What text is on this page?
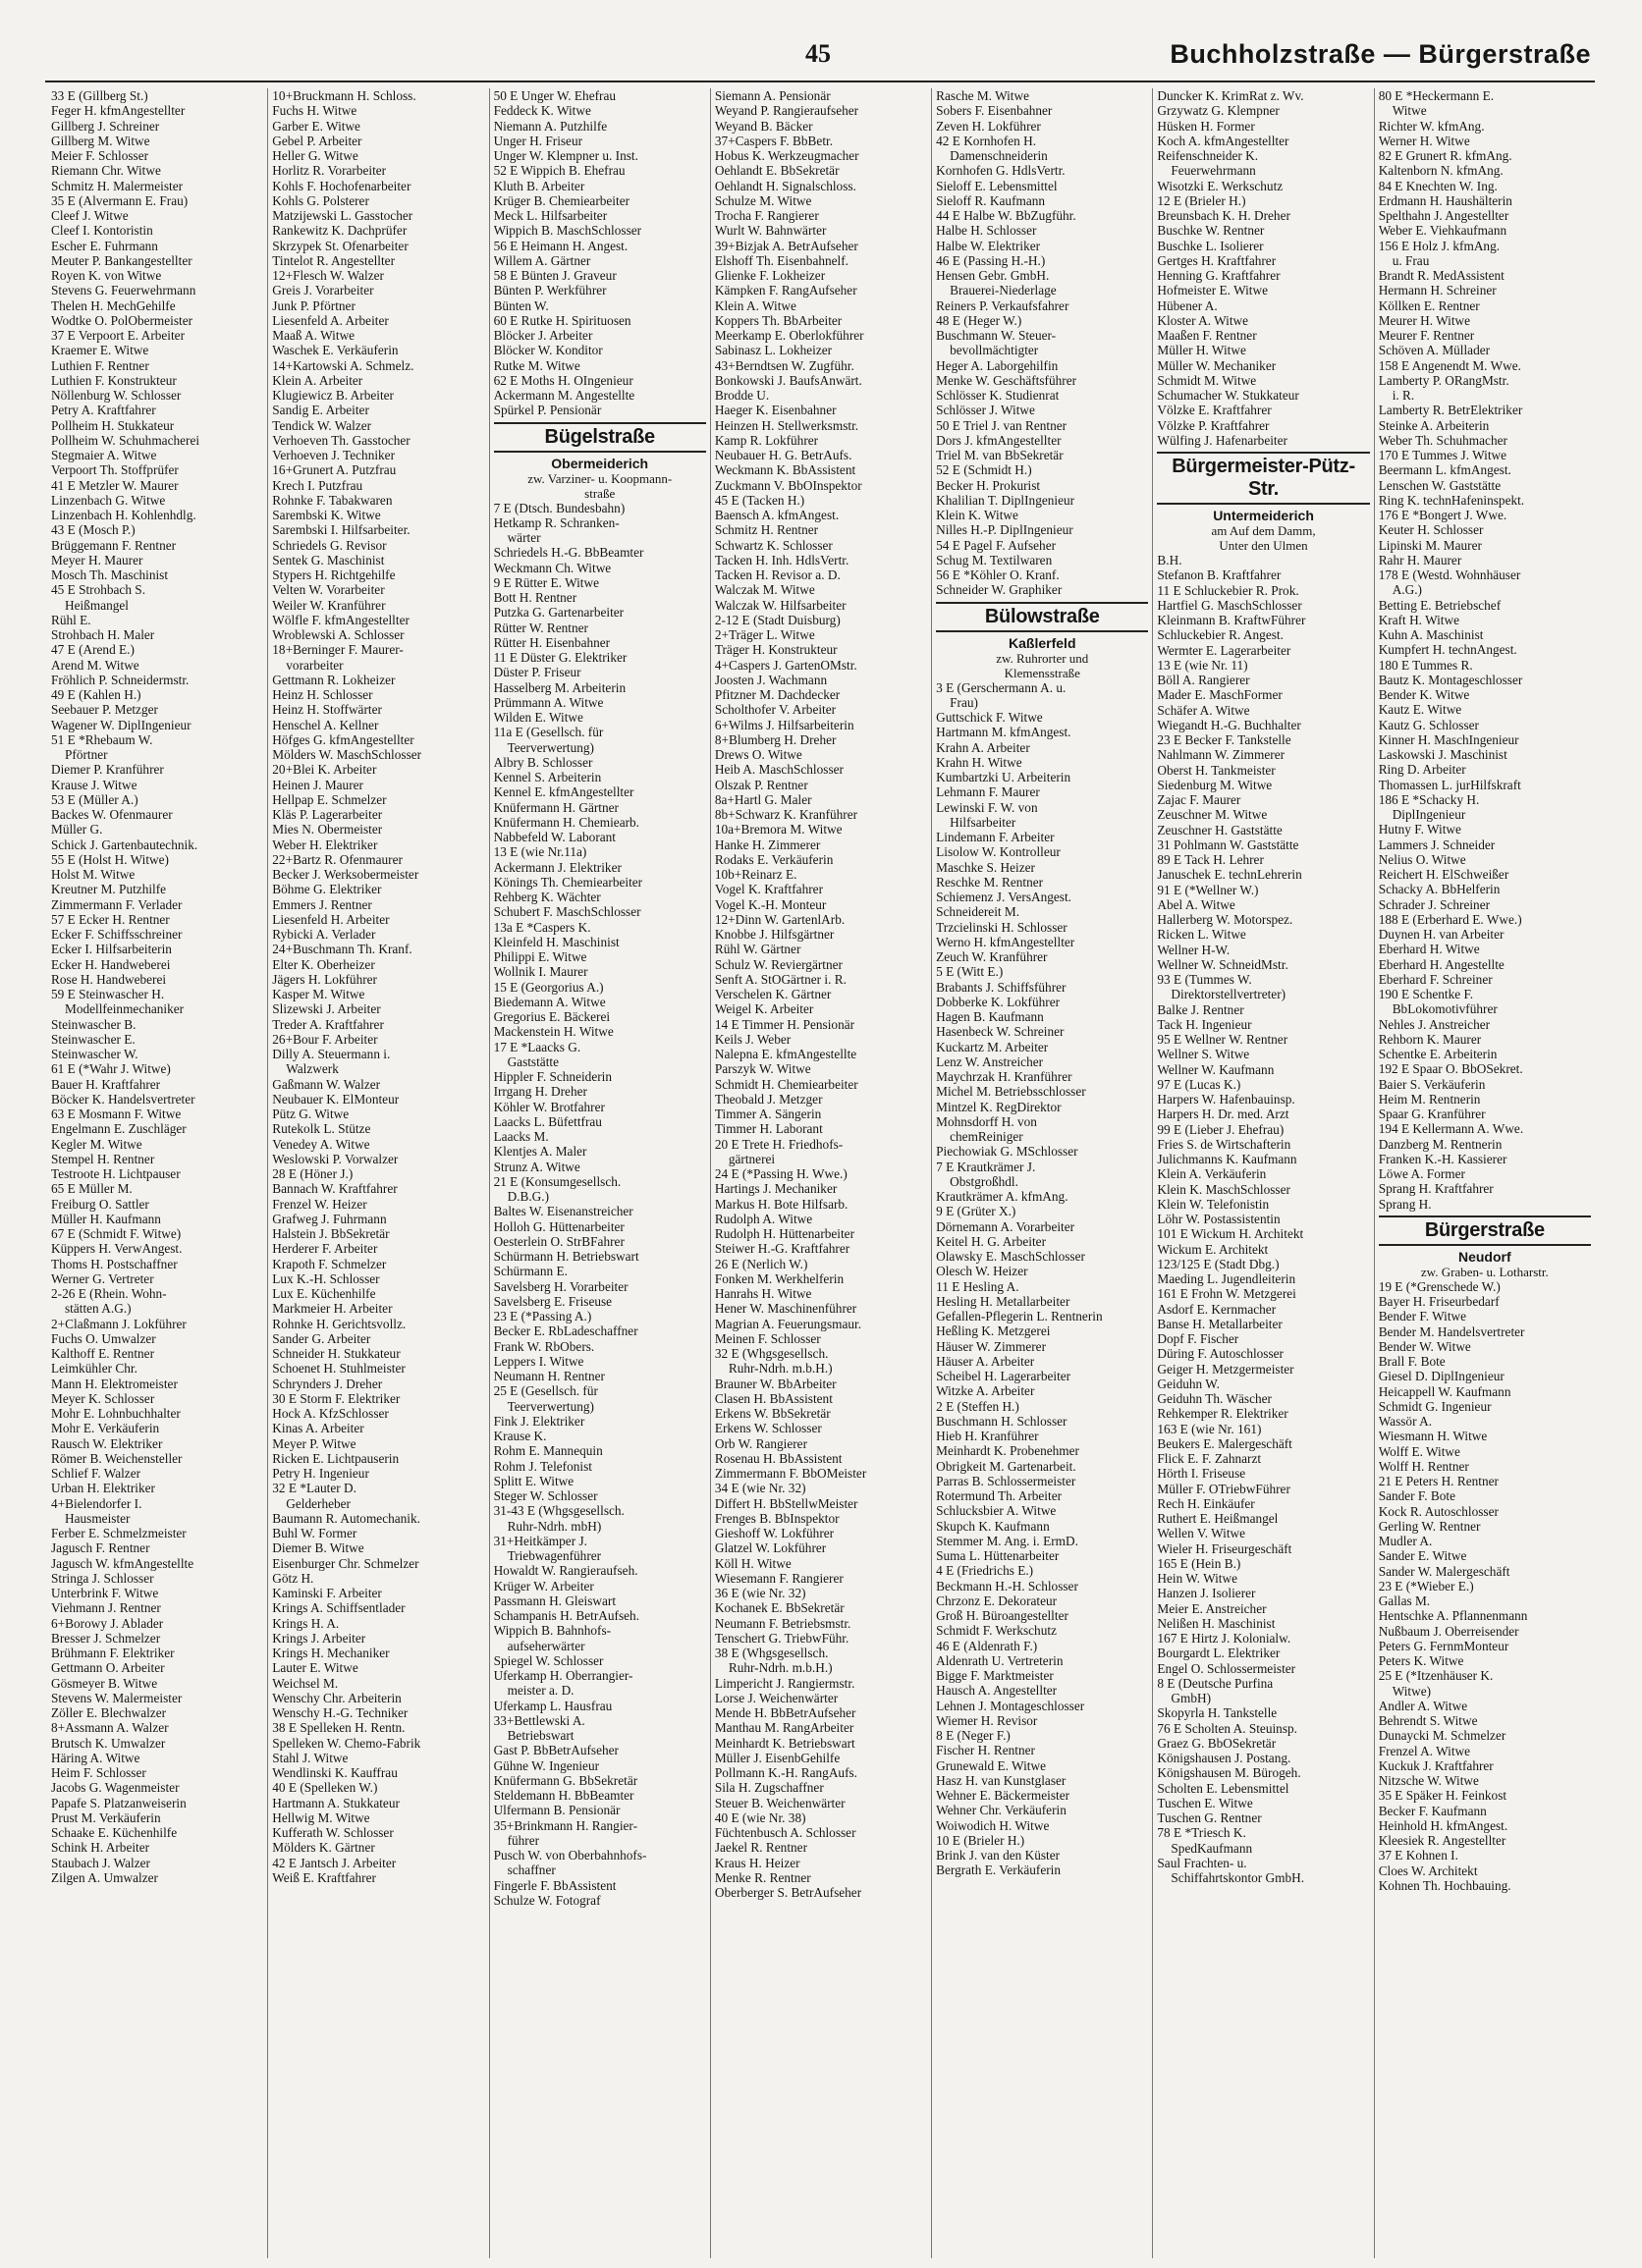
45	Buchholzstraße — Bürgerstraße
33 E (Gillberg St.)
Feger H. kfmAngestellter
Gillberg J. Schreiner
Gillberg M. Witwe
Meier F. Schlosser
Riemann Chr. Witwe
Schmitz H. Malermeister
35 E (Alvermann E. Frau)
Cleef J. Witwe
Cleef I. Kontoristin
Escher E. Fuhrmann
Meuter P. Bankangestellter
Royen K. von Witwe
Stevens G. Feuerwehrmann
Thelen H. MechGehilfe
Wodtke O. PolObermeister
37 E Verpoort E. Arbeiter
Kraemer E. Witwe
Luthien F. Rentner
Luthien F. Konstrukteur
Nöllenburg W. Schlosser
Petry A. Kraftfahrer
Pollheim H. Stukkateur
Pollheim W. Schuhmacherei
Stegmaier A. Witwe
Verpoort Th. Stoffprüfer
41 E Metzler W. Maurer
Linzenbach G. Witwe
Linzenbach H. Kohlenhdlg.
43 E (Mosch P.)
Brüggemann F. Rentner
Meyer H. Maurer
Mosch Th. Maschinist
45 E Strohbach S.
Heißmangel
Rühl E.
Strohbach H. Maler
47 E (Arend E.)
Arend M. Witwe
Fröhlich P. Schneidermstr.
49 E (Kahlen H.)
Seebauer P. Metzger
Wagener W. DiplIngenieur
51 E *Rhebaum W.
Pförtner
Diemer P. Kranführer
Krause J. Witwe
53 E (Müller A.)
Backes W. Ofenmaurer
Müller G.
Schick J. Gartenbautechnik.
55 E (Holst H. Witwe)
Holst M. Witwe
Kreutner M. Putzhilfe
Zimmermann F. Verlader
57 E Ecker H. Rentner
Ecker F. Schiffsschreiner
Ecker I. Hilfsarbeiterin
Ecker H. Handweberei
Rose H. Handweberei
59 E Steinwascher H.
Modellfeinmechaniker
Steinwascher B.
Steinwascher E.
Steinwascher W.
61 E (*Wahr J. Witwe)
Bauer H. Kraftfahrer
Böcker K. Handelsvertreter
63 E Mosmann F. Witwe
Engelmann E. Zuschläger
Kegler M. Witwe
Stempel H. Rentner
Testroote H. Lichtpauser
65 E Müller M.
Freiburg O. Sattler
Müller H. Kaufmann
67 E (Schmidt F. Witwe)
Küppers H. VerwAngest.
Thoms H. Postschaffner
Werner G. Vertreter
2-26 E (Rhein. Wohn-
stätten A.G.)
2+Claßmann J. Lokführer
Fuchs O. Umwalzer
Kalthoff E. Rentner
Leimkühler Chr.
Mann H. Elektromeister
Meyer K. Schlosser
Mohr E. Lohnbuchhalter
Mohr E. Verkäuferin
Rausch W. Elektriker
Römer B. Weichensteller
Schlief F. Walzer
Urban H. Elektriker
4+Bielendorfer I.
Hausmeister
Ferber E. Schmelzmeister
Jagusch F. Rentner
Jagusch W. kfmAngestellte
Stringa J. Schlosser
Unterbrink F. Witwe
Viehmann J. Rentner
6+Borowy J. Ablader
Bresser J. Schmelzer
Brühmann F. Elektriker
Gettmann O. Arbeiter
Gösmeyer B. Witwe
Stevens W. Malermeister
Zöller E. Blechwalzer
8+Assmann A. Walzer
Brutsch K. Umwalzer
Häring A. Witwe
Heim F. Schlosser
Jacobs G. Wagenmeister
Papafe S. Platzanweiserin
Prust M. Verkäuferin
Schaake E. Küchenhilfe
Schink H. Arbeiter
Staubach J. Walzer
Zilgen A. Umwalzer
10+Bruckmann H. Schloss.
Fuchs H. Witwe
Garber E. Witwe
Gebel P. Arbeiter
Heller G. Witwe
Horlitz R. Vorarbeiter
Kohls F. Hochofenarbeiter
Kohls G. Polsterer
Matzijewski L. Gasstocher
Rankewitz K. Dachprüfer
Skrzypek St. Ofenarbeiter
Tintelot R. Angestellter
12+Flesch W. Walzer
Greis J. Vorarbeiter
Junk P. Pförtner
Liesenfeld A. Arbeiter
Maaß A. Witwe
Waschek E. Verkäuferin
14+Kartowski A. Schmelz.
Klein A. Arbeiter
Klugiewicz B. Arbeiter
Sandig E. Arbeiter
Tendick W. Walzer
Verhoeven Th. Gasstocher
Verhoeven J. Techniker
16+Grunert A. Putzfrau
Krech I. Putzfrau
Rohnke F. Tabakwaren
Sarembski K. Witwe
Sarembski I. Hilfsarbeiter.
Schriedels G. Revisor
Sentek G. Maschinist
Stypers H. Richtgehilfe
Velten W. Vorarbeiter
Weiler W. Kranführer
Wölfle F. kfmAngestellter
Wroblewski A. Schlosser
18+Berninger F. Maurer-
vorarbeiter
Gettmann R. Lokheizer
Heinz H. Schlosser
Heinz H. Stoffwärter
Henschel A. Kellner
Höfges G. kfmAngestellter
Mölders W. MaschSchlosser
20+Blei K. Arbeiter
Heinen J. Maurer
Hellpap E. Schmelzer
Kläs P. Lagerarbeiter
Mies N. Obermeister
Weber H. Elektriker
22+Bartz R. Ofenmaurer
Becker J. Werksobermeister
Böhme G. Elektriker
Emmers J. Rentner
Liesenfeld H. Arbeiter
Rybicki A. Verlader
24+Buschmann Th. Kranf.
Elter K. Oberheizer
Jägers H. Lokführer
Kasper M. Witwe
Slizewski J. Arbeiter
Treder A. Kraftfahrer
26+Bour F. Arbeiter
Dilly A. Steuermann i.
Walzwerk
Gaßmann W. Walzer
Neubauer K. ElMonteur
Pütz G. Witwe
Rutekolk L. Stütze
Venedey A. Witwe
Weslowski P. Vorwalzer
28 E (Höner J.)
Bannach W. Kraftfahrer
Frenzel W. Heizer
Grafweg J. Fuhrmann
Halstein J. BbSekretär
Herderer F. Arbeiter
Krapoth F. Schmelzer
Lux K.-H. Schlosser
Lux E. Küchenhilfe
Markmeier H. Arbeiter
Rohnke H. Gerichtsvollz.
Sander G. Arbeiter
Schneider H. Stukkateur
Schoenet H. Stuhlmeister
Schrynders J. Dreher
30 E Storm F. Elektriker
Hock A. KfzSchlosser
Kinas A. Arbeiter
Meyer P. Witwe
Ricken E. Lichtpauserin
Petry H. Ingenieur
32 E *Lauter D.
Gelderheber
Baumann R. Automechanik.
Buhl W. Former
Diemer B. Witwe
Eisenburger Chr. Schmelzer
Götz H.
Kaminski F. Arbeiter
Krings A. Schiffsentlader
Krings H. A.
Krings J. Arbeiter
Krings H. Mechaniker
Lauter E. Witwe
Weichsel M.
Wenschy Chr. Arbeiterin
Wenschy H.-G. Techniker
38 E Spelleken H. Rentn.
Spelleken W. Chemo-Fabrik
Stahl J. Witwe
Wendlinski K. Kauffrau
40 E (Spelleken W.)
Hartmann A. Stukkateur
Hellwig M. Witwe
Kufferath W. Schlosser
Mölders K. Gärtner
42 E Jantsch J. Arbeiter
Weiß E. Kraftfahrer
50 E Unger W. Ehefrau
Feddeck K. Witwe
Niemann A. Putzhilfe
Unger H. Friseur
Unger W. Klempner u. Inst.
52 E Wippich B. Ehefrau
Kluth B. Arbeiter
Krüger B. Chemiearbeiter
Meck L. Hilfsarbeiter
Wippich B. MaschSchlosser
56 E Heimann H. Angest.
Willem A. Gärtner
58 E Bünten J. Graveur
Bünten P. Werkführer
Bünten W.
60 E Rutke H. Spirituosen
Blöcker J. Arbeiter
Blöcker W. Konditor
Rutke M. Witwe
62 E Moths H. OIngenieur
Ackermann M. Angestellte
Spürkel P. Pensionär
Bügelstraße
Obermeiderich
zw. Varziner- u. Koopmann-
straße
7 E (Dtsch. Bundesbahn)
Hetkamp R. Schranken-
wärter
Schriedels H.-G. BbBeamter
Weckmann Ch. Witwe
9 E Rütter E. Witwe
Bott H. Rentner
Putzka G. Gartenarbeiter
Rütter W. Rentner
Rütter H. Eisenbahner
11 E Düster G. Elektriker
Düster P. Friseur
Hasselberg M. Arbeiterin
Prümmann A. Witwe
Wilden E. Witwe
11a E (Gesellsch. für
Teerverwertung)
Albry B. Schlosser
Kennel S. Arbeiterin
Kennel E. kfmAngestellter
Knüfermann H. Gärtner
Knüfermann H. Chemiearb.
Nabbefeld W. Laborant
13 E (wie Nr.11a)
Ackermann J. Elektriker
Könings Th. Chemiearbeiter
Rehberg K. Wächter
Schubert F. MaschSchlosser
13a E *Caspers K.
Kleinfeld H. Maschinist
Philippi E. Witwe
Wollnik I. Maurer
15 E (Georgorius A.)
Biedemann A. Witwe
Gregorius E. Bäckerei
Mackenstein H. Witwe
17 E *Laacks G.
Gaststätte
Hippler F. Schneiderin
Irrgang H. Dreher
Köhler W. Brotfahrer
Laacks L. Büfettfrau
Laacks M.
Klentjes A. Maler
Strunz A. Witwe
21 E (Konsumgesellsch.
D.B.G.)
Baltes W. Eisenanstreicher
Holloh G. Hüttenarbeiter
Oesterlein O. StrBFahrer
Schürmann H. Betriebswart
Schürmann E.
Savelsberg H. Vorarbeiter
Savelsberg E. Friseuse
23 E (*Passing A.)
Becker E. RbLadeschaffner
Frank W. RbObers.
Leppers I. Witwe
Neumann H. Rentner
25 E (Gesellsch. für
Teerverwertung)
Fink J. Elektriker
Krause K.
Rohm E. Mannequin
Rohm J. Telefonist
Splitt E. Witwe
Steger W. Schlosser
31-43 E (Whgsgesellsch.
Ruhr-Ndrh. mbH)
31+Heitkämper J.
Triebwagenführer
Howaldt W. Rangieraufseh.
Krüger W. Arbeiter
Passmann H. Gleiswart
Schampanis H. BetrAufseh.
Wippich B. Bahnhofs-
aufseherwärter
Spiegel W. Schlosser
Uferkamp H. Oberrangier-
meister a. D.
Uferkamp L. Hausfrau
33+Bettlewski A.
Betriebswart
Gast P. BbBetrAufseher
Gühne W. Ingenieur
Knüfermann G. BbSekretär
Steldemann H. BbBeamter
Ulfermann B. Pensionär
35+Brinkmann H. Rangier-
führer
Pusch W. von Oberbahnhofs-
schaffner
Fingerle F. BbAssistent
Schulze W. Fotograf
Siemann A. Pensionär
Weyand P. Rangieraufseher
Weyand B. Bäcker
37+Caspers F. BbBetr.
Hobus K. Werkzeugmacher
Oehlandt E. BbSekretär
Oehlandt H. Signalschloss.
Schulze M. Witwe
Trocha F. Rangierer
Wurlt W. Bahnwärter
39+Bizjak A. BetrAufseher
Elshoff Th. Eisenbahnelf.
Glienke F. Lokheizer
Kämpken F. RangAufseher
Klein A. Witwe
Koppers Th. BbArbeiter
Meerkamp E. Oberlokführer
Sabinasz L. Lokheizer
43+Berndtsen W. Zugführ.
Bonkowski J. BaufsAnwärt.
Brodde U.
Haeger K. Eisenbahner
Heinzen H. Stellwerksmstr.
Kamp R. Lokführer
Neubauer H. G. BetrAufs.
Weckmann K. BbAssistent
Zuckmann V. BbOInspektor
45 E (Tacken H.)
Baensch A. kfmAngest.
Schmitz H. Rentner
Schwartz K. Schlosser
Tacken H. Inh. HdlsVertr.
Tacken H. Revisor a. D.
Walczak M. Witwe
Walczak W. Hilfsarbeiter
2-12 E (Stadt Duisburg)
2+Träger L. Witwe
Träger H. Konstrukteur
4+Caspers J. GartenOMstr.
Joosten J. Wachmann
Pfitzner M. Dachdecker
Scholthofer V. Arbeiter
6+Wilms J. Hilfsarbeiterin
8+Blumberg H. Dreher
Drews O. Witwe
Heib A. MaschSchlosser
Olszak P. Rentner
8a+Hartl G. Maler
8b+Schwarz K. Kranführer
10a+Bremora M. Witwe
Hanke H. Zimmerer
Rodaks E. Verkäuferin
10b+Reinarz E.
Vogel K. Kraftfahrer
Vogel K.-H. Monteur
12+Dinn W. GartenlArb.
Knobbe J. Hilfsgärtner
Rühl W. Gärtner
Schulz W. Reviergärtner
Senft A. StOGärtner i. R.
Verschelen K. Gärtner
Weigel K. Arbeiter
14 E Timmer H. Pensionär
Keils J. Weber
Nalepna E. kfmAngestellte
Parszyk W. Witwe
Schmidt H. Chemiearbeiter
Theobald J. Metzger
Timmer A. Sängerin
Timmer H. Laborant
20 E Trete H. Friedhofs-
gärtnerei
24 E (*Passing H. Wwe.)
Hartings J. Mechaniker
Markus H. Bote Hilfsarb.
Rudolph A. Witwe
Rudolph H. Hüttenarbeiter
Steiwer H.-G. Kraftfahrer
26 E (Nerlich W.)
Fonken M. Werkhelferin
Hanrahs H. Witwe
Hener W. Maschinenführer
Magrian A. Feuerungsmaur.
Meinen F. Schlosser
32 E (Whgsgesellsch.
Ruhr-Ndrh. m.b.H.)
Brauner W. BbArbeiter
Clasen H. BbAssistent
Erkens W. BbSekretär
Erkens W. Schlosser
Orb W. Rangierer
Rosenau H. BbAssistent
Zimmermann F. BbOMeister
34 E (wie Nr. 32)
Differt H. BbStellwMeister
Frenges B. BbInspektor
Gieshoff W. Lokführer
Glatzel W. Lokführer
Köll H. Witwe
Wiesemann F. Rangierer
36 E (wie Nr. 32)
Kochanek E. BbSekretär
Neumann F. Betriebsmstr.
Tenschert G. TriebwFühr.
38 E (Whgsgesellsch.
Ruhr-Ndrh. m.b.H.)
Limpericht J. Rangiermstr.
Lorse J. Weichenwärter
Mende H. BbBetrAufseher
Manthau M. RangArbeiter
Meinhardt K. Betriebswart
Müller J. EisenbGehilfe
Pollmann K.-H. RangAufs.
Sila H. Zugschaffner
Steuer B. Weichenwärter
40 E (wie Nr. 38)
Füchtenbusch A. Schlosser
Jaekel R. Rentner
Kraus H. Heizer
Menke R. Rentner
Oberberger S. BetrAufseher
Rasche M. Witwe
Sobers F. Eisenbahner
Zeven H. Lokführer
42 E Kornhofen H.
Damenschneiderin
Kornhofen G. HdlsVertr.
Sieloff E. Lebensmittel
Sieloff R. Kaufmann
44 E Halbe W. BbZugführ.
Halbe H. Schlosser
Halbe W. Elektriker
46 E (Passing H.-H.)
Hensen Gebr. GmbH.
Brauerei-Niederlage
Reiners P. Verkaufsfahrer
48 E (Heger W.)
Buschmann W. Steuer-
bevollmächtigter
Heger A. Laborgehilfin
Menke W. Geschäftsführer
Schlösser K. Studienrat
Schlösser J. Witwe
50 E Triel J. van Rentner
Dors J. kfmAngestellter
Triel M. van BbSekretär
52 E (Schmidt H.)
Becker H. Prokurist
Khalilian T. DiplIngenieur
Klein K. Witwe
Nilles H.-P. DiplIngenieur
54 E Pagel F. Aufseher
Schug M. Textilwaren
56 E *Köhler O. Kranf.
Schneider W. Graphiker
Bülowstraße
Kaßlerfeld
zw. Ruhrorter und
Klemensstraße
3 E (Gerschermann A. u.
Frau)
Guttschick F. Witwe
Hartmann M. kfmAngest.
Krahn A. Arbeiter
Krahn H. Witwe
Kumbartzki U. Arbeiterin
Lehmann F. Maurer
Lewinski F. W. von
Hilfsarbeiter
Lindemann F. Arbeiter
Lisolow W. Kontrolleur
Maschke S. Heizer
Reschke M. Rentner
Schiemenz J. VersAngest.
Schneidereit M.
Trzcielinski H. Schlosser
Werno H. kfmAngestellter
Zeuch W. Kranführer
5 E (Witt E.)
Brabants J. Schiffsführer
Dobberke K. Lokführer
Hagen B. Kaufmann
Hasenbeck W. Schreiner
Kuckartz M. Arbeiter
Lenz W. Anstreicher
Maychrzak H. Kranführer
Michel M. Betriebsschlosser
Mintzel K. RegDirektor
Mohnsdorff H. von
chemReiniger
Piechowiak G. MSchlosser
7 E Krautkrämer J.
Obstgroßhdl.
Krautkrämer A. kfmAng.
9 E (Grüter X.)
Dörnemann A. Vorarbeiter
Keitel H. G. Arbeiter
Olawsky E. MaschSchlosser
Olesch W. Heizer
11 E Hesling A.
Hesling H. Metallarbeiter
Gefallen-Pflegerin L. Rentnerin
Heßling K. Metzgerei
Häuser W. Zimmerer
Häuser A. Arbeiter
Scheibel H. Lagerarbeiter
Witzke A. Arbeiter
2 E (Steffen H.)
Buschmann H. Schlosser
Hieb H. Kranführer
Meinhardt K. Probenehmer
Obrigkeit M. Gartenarbeit.
Parras B. Schlossermeister
Rotermund Th. Arbeiter
Schlucksbier A. Witwe
Skupch K. Kaufmann
Stemmer M. Ang. i. ErmD.
Suma L. Hüttenarbeiter
4 E (Friedrichs E.)
Beckmann H.-H. Schlosser
Chrzonz E. Dekorateur
Groß H. Büroangestellter
Schmidt F. Werkschutz
46 E (Aldenrath F.)
Aldenrath U. Vertreterin
Bigge F. Marktmeister
Hausch A. Angestellter
Lehnen J. Montageschlosser
Wiemer H. Revisor
8 E (Neger F.)
Fischer H. Rentner
Grunewald E. Witwe
Hasz H. van Kunstglaser
Wehner E. Bäckermeister
Wehner Chr. Verkäuferin
Woiwodich H. Witwe
10 E (Brieler H.)
Brink J. van den Küster
Bergrath E. Verkäuferin
Duncker K. KrimRat z. Wv.
Grzywatz G. Klempner
Hüsken H. Former
Koch A. kfmAngestellter
Reifenschneider K.
Feuerwehrmann
Wisotzki E. Werkschutz
12 E (Brieler H.)
Breunsbach K. H. Dreher
Buschke W. Rentner
Buschke L. Isolierer
Gertges H. Kraftfahrer
Henning G. Kraftfahrer
Hofmeister E. Witwe
Hübener A.
Kloster A. Witwe
Maaßen F. Rentner
Müller H. Witwe
Müller W. Mechaniker
Schmidt M. Witwe
Schumacher W. Stukkateur
Völzke E. Kraftfahrer
Völzke P. Kraftfahrer
Wülfing J. Hafenarbeiter
Bürgermeister-Pütz-Str.
Untermeiderich
am Auf dem Damm,
Unter den Ulmen
B.H.
Stefanon B. Kraftfahrer
11 E Schluckebier R. Prok.
Hartfiel G. MaschSchlosser
Kleinmann B. KraftwFührer
Schluckebier R. Angest.
Wermter E. Lagerarbeiter
13 E (wie Nr. 11)
Böll A. Rangierer
Mader E. MaschFormer
Schäfer A. Witwe
Wiegandt H.-G. Buchhalter
23 E Becker F. Tankstelle
Nahlmann W. Zimmerer
Oberst H. Tankmeister
Siedenburg M. Witwe
Zajac F. Maurer
Zeuschner M. Witwe
Zeuschner H. Gaststätte
31 Pohlmann W. Gaststätte
89 E Tack H. Lehrer
Januschek E. technLehrerin
91 E (*Wellner W.)
Abel A. Witwe
Hallerberg W. Motorspez.
Ricken L. Witwe
Wellner H-W.
Wellner W. SchneidMstr.
93 E (Tummes W.
Direktorstellvertreter)
Balke J. Rentner
Tack H. Ingenieur
95 E Wellner W. Rentner
Wellner S. Witwe
Wellner W. Kaufmann
97 E (Lucas K.)
Harpers W. Hafenbauinsp.
Harpers H. Dr. med. Arzt
99 E (Lieber J. Ehefrau)
Fries S. de Wirtschafterin
Julichmanns K. Kaufmann
Klein A. Verkäuferin
Klein K. MaschSchlosser
Klein W. Telefonistin
Löhr W. Postassistentin
101 E Wickum H. Architekt
Wickum E. Architekt
123/125 E (Stadt Dbg.)
Maeding L. Jugendleiterin
161 E Frohn W. Metzgerei
Asdorf E. Kernmacher
Banse H. Metallarbeiter
Dopf F. Fischer
Düring F. Autoschlosser
Geiger H. Metzgermeister
Geiduhn W.
Geiduhn Th. Wäscher
Rehkemper R. Elektriker
163 E (wie Nr. 161)
Beukers E. Malergeschäft
Flick E. F. Zahnarzt
Hörth I. Friseuse
Müller F. OTriebwFührer
Rech H. Einkäufer
Ruthert E. Heißmangel
Wellen V. Witwe
Wieler H. Friseurgeschäft
165 E (Hein B.)
Hein W. Witwe
Hanzen J. Isolierer
Meier E. Anstreicher
Nelißen H. Maschinist
167 E Hirtz J. Kolonialw.
Bourgardt L. Elektriker
Engel O. Schlossermeister
8 E (Deutsche Purfina
GmbH)
Skopyrla H. Tankstelle
76 E Scholten A. Steuinsp.
Graez G. BbOSekretär
Königshausen J. Postang.
Königshausen M. Bürogeh.
Scholten E. Lebensmittel
Tuschen E. Witwe
Tuschen G. Rentner
78 E *Triesch K.
SpedKaufmann
Saul Frachten- u.
Schiffahrtskontor GmbH.
80 E *Heckermann E.
Witwe
Richter W. kfmAng.
Werner H. Witwe
82 E Grunert R. kfmAng.
Kaltenborn N. kfmAng.
84 E Knechten W. Ing.
Erdmann H. Haushälterin
Spelthahn J. Angestellter
Weber E. Viehkaufmann
156 E Holz J. kfmAng.
u. Frau
Brandt R. MedAssistent
Hermann H. Schreiner
Köllken E. Rentner
Meurer H. Witwe
Meurer F. Rentner
Schöven A. Müllader
158 E Angenendt M. Wwe.
Lamberty P. ORangMstr.
i. R.
Lamberty R. BetrElektriker
Steinke A. Arbeiterin
Weber Th. Schuhmacher
170 E Tummes J. Witwe
Beermann L. kfmAngest.
Lenschen W. Gaststätte
Ring K. technHafeninspekt.
176 E *Bongert J. Wwe.
Keuter H. Schlosser
Lipinski M. Maurer
Rahr H. Maurer
178 E (Westd. Wohnhäuser
A.G.)
Betting E. Betriebschef
Kraft H. Witwe
Kuhn A. Maschinist
Kumpfert H. technAngest.
180 E Tummes R.
Bautz K. Montageschlosser
Bender K. Witwe
Kautz E. Witwe
Kautz G. Schlosser
Kinner H. MaschIngenieur
Laskowski J. Maschinist
Ring D. Arbeiter
Thomassen L. jurHilfskraft
186 E *Schacky H.
DiplIngenieur
Hutny F. Witwe
Lammers J. Schneider
Nelius O. Witwe
Reichert H. ElSchweißer
Schacky A. BbHelferin
Schrader J. Schreiner
188 E (Erberhard E. Wwe.)
Duynen H. van Arbeiter
Eberhard H. Witwe
Eberhard H. Angestellte
Eberhard F. Schreiner
190 E Schentke F.
BbLokomotivführer
Nehles J. Anstreicher
Rehborn K. Maurer
Schentke E. Arbeiterin
192 E Spaar O. BbOSekret.
Baier S. Verkäuferin
Heim M. Rentnerin
Spaar G. Kranführer
194 E Kellermann A. Wwe.
Danzberg M. Rentnerin
Franken K.-H. Kassierer
Löwe A. Former
Sprang H. Kraftfahrer
Sprang H.
Bürgerstraße
Neudorf
zw. Graben- u. Lotharstr.
19 E (*Grenschede W.)
Bayer H. Friseurbedarf
Bender F. Witwe
Bender M. Handelsvertreter
Bender W. Witwe
Brall F. Bote
Giesel D. DiplIngenieur
Heicappell W. Kaufmann
Schmidt G. Ingenieur
Wassör A.
Wiesmann H. Witwe
Wolff E. Witwe
Wolff H. Rentner
21 E Peters H. Rentner
Sander F. Bote
Kock R. Autoschlosser
Gerling W. Rentner
Mudler A.
Sander E. Witwe
Sander W. Malergeschäft
23 E (*Wieber E.)
Gallas M.
Hentschke A. Pflannenmann
Nußbaum J. Oberreisender
Peters G. FernmMonteur
Peters K. Witwe
25 E (*Itzenhäuser K.
Witwe)
Andler A. Witwe
Behrendt S. Witwe
Dunaycki M. Schmelzer
Frenzel A. Witwe
Kuckuk J. Kraftfahrer
Nitzsche W. Witwe
35 E Späker H. Feinkost
Becker F. Kaufmann
Heinhold H. kfmAngest.
Kleesiek R. Angestellter
37 E Kohnen I.
Cloes W. Architekt
Kohnen Th. Hochbauing.
